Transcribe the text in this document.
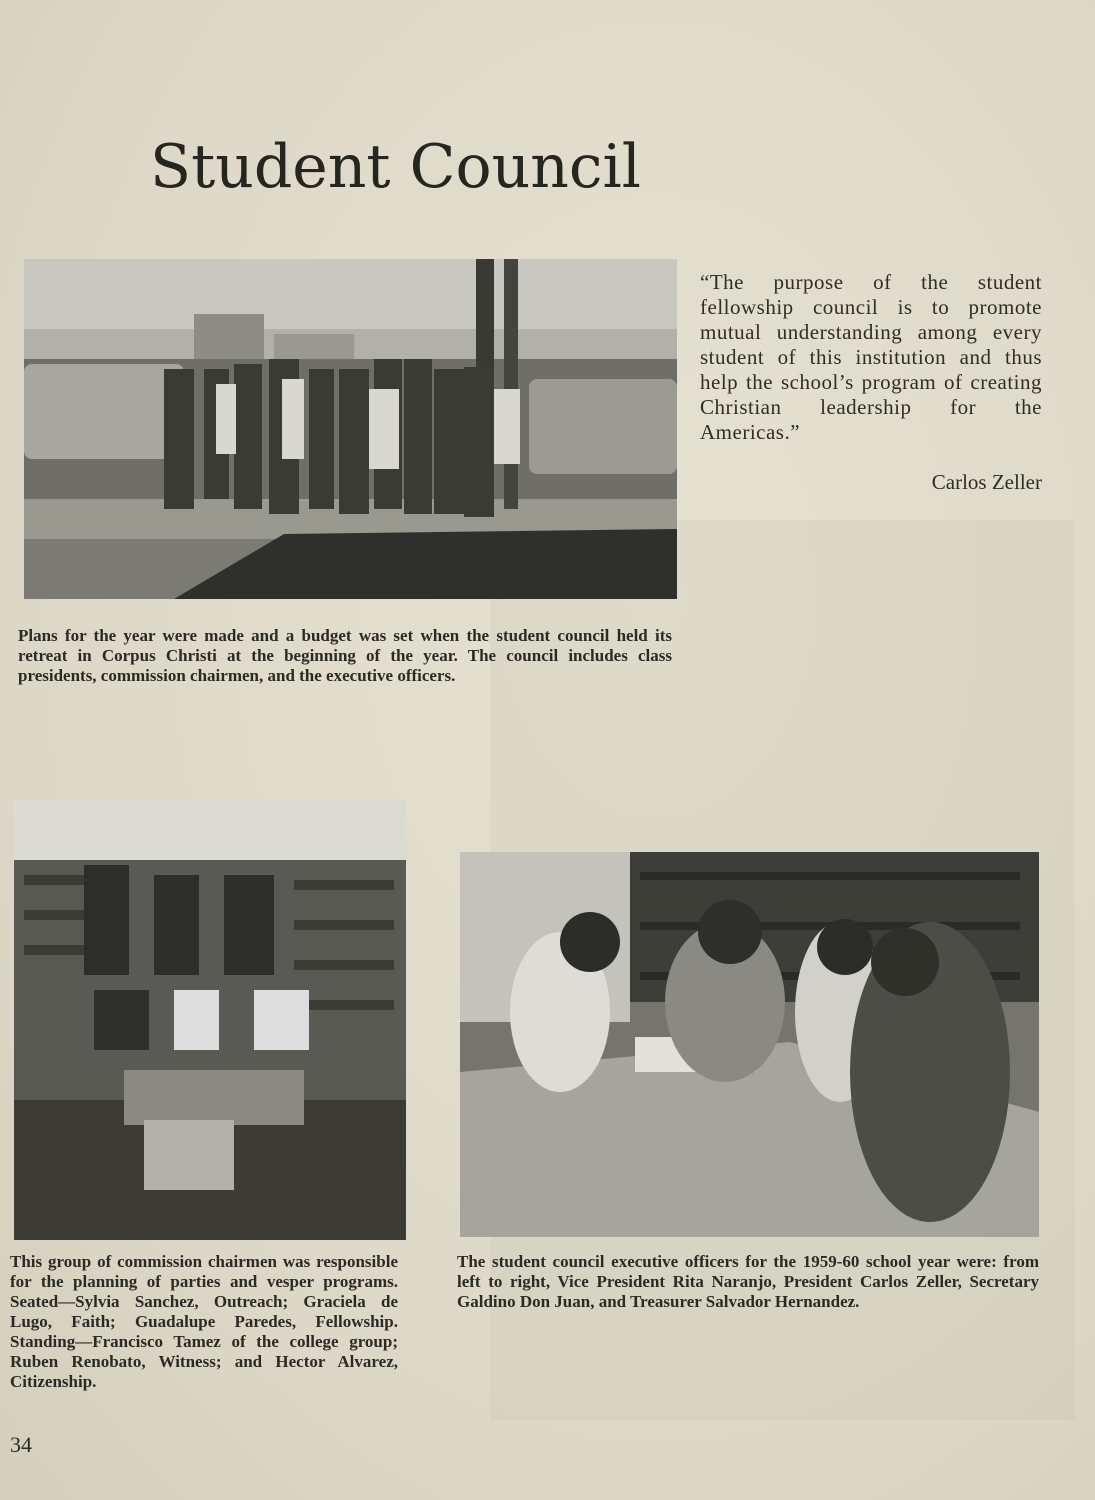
Student Council
“The purpose of the student fellowship council is to promote mutual understanding among every student of this institution and thus help the school’s program of creating Christian leadership for the Americas.”
Carlos Zeller
Plans for the year were made and a budget was set when the student council held its retreat in Corpus Christi at the beginning of the year. The council includes class presidents, commission chairmen, and the executive officers.
This group of commission chairmen was responsible for the planning of parties and vesper programs. Seated—Sylvia Sanchez, Outreach; Graciela de Lugo, Faith; Guadalupe Paredes, Fellowship. Standing—Francisco Tamez of the college group; Ruben Renobato, Witness; and Hector Alvarez, Citizenship.
The student council executive officers for the 1959-60 school year were: from left to right, Vice President Rita Naranjo, President Carlos Zeller, Secretary Galdino Don Juan, and Treasurer Salvador Hernandez.
34
